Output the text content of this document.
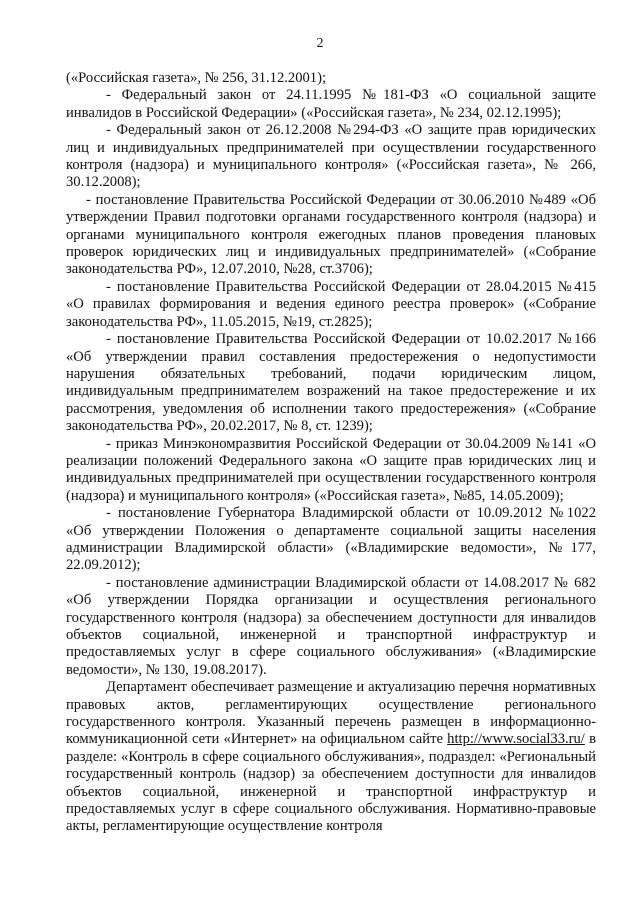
2

(«Российская газета», № 256, 31.12.2001);

- Федеральный закон от 24.11.1995 №181-ФЗ «О социальной защите инвалидов в Российской Федерации» («Российская газета», № 234, 02.12.1995);

- Федеральный закон от 26.12.2008 №294-ФЗ «О защите прав юридических лиц и индивидуальных предпринимателей при осуществлении государственного контроля (надзора) и муниципального контроля» («Российская газета», № 266, 30.12.2008);

- постановление Правительства Российской Федерации от 30.06.2010 №489 «Об утверждении Правил подготовки органами государственного контроля (надзора) и органами муниципального контроля ежегодных планов проведения плановых проверок юридических лиц и индивидуальных предпринимателей» («Собрание законодательства РФ», 12.07.2010, №28, ст.3706);

- постановление Правительства Российской Федерации от 28.04.2015 №415 «О правилах формирования и ведения единого реестра проверок» («Собрание законодательства РФ», 11.05.2015, №19, ст.2825);

- постановление Правительства Российской Федерации от 10.02.2017 №166 «Об утверждении правил составления предостережения о недопустимости нарушения обязательных требований, подачи юридическим лицом, индивидуальным предпринимателем возражений на такое предостережение и их рассмотрения, уведомления об исполнении такого предостережения» («Собрание законодательства РФ», 20.02.2017, № 8, ст. 1239);

- приказ Минэкономразвития Российской Федерации от 30.04.2009 №141 «О реализации положений Федерального закона «О защите прав юридических лиц и индивидуальных предпринимателей при осуществлении государственного контроля (надзора) и муниципального контроля» («Российская газета», №85, 14.05.2009);

- постановление Губернатора Владимирской области от 10.09.2012 №1022 «Об утверждении Положения о департаменте социальной защиты населения администрации Владимирской области» («Владимирские ведомости», №177, 22.09.2012);

- постановление администрации Владимирской области от 14.08.2017 № 682 «Об утверждении Порядка организации и осуществления регионального государственного контроля (надзора) за обеспечением доступности для инвалидов объектов социальной, инженерной и транспортной инфраструктур и предоставляемых услуг в сфере социального обслуживания» («Владимирские ведомости», № 130, 19.08.2017).

Департамент обеспечивает размещение и актуализацию перечня нормативных правовых актов, регламентирующих осуществление регионального государственного контроля. Указанный перечень размещен в информационно-коммуникационной сети «Интернет» на официальном сайте http://www.social33.ru/ в разделе: «Контроль в сфере социального обслуживания», подраздел: «Региональный государственный контроль (надзор) за обеспечением доступности для инвалидов объектов социальной, инженерной и транспортной инфраструктур и предоставляемых услуг в сфере социального обслуживания. Нормативно-правовые акты, регламентирующие осуществление контроля
